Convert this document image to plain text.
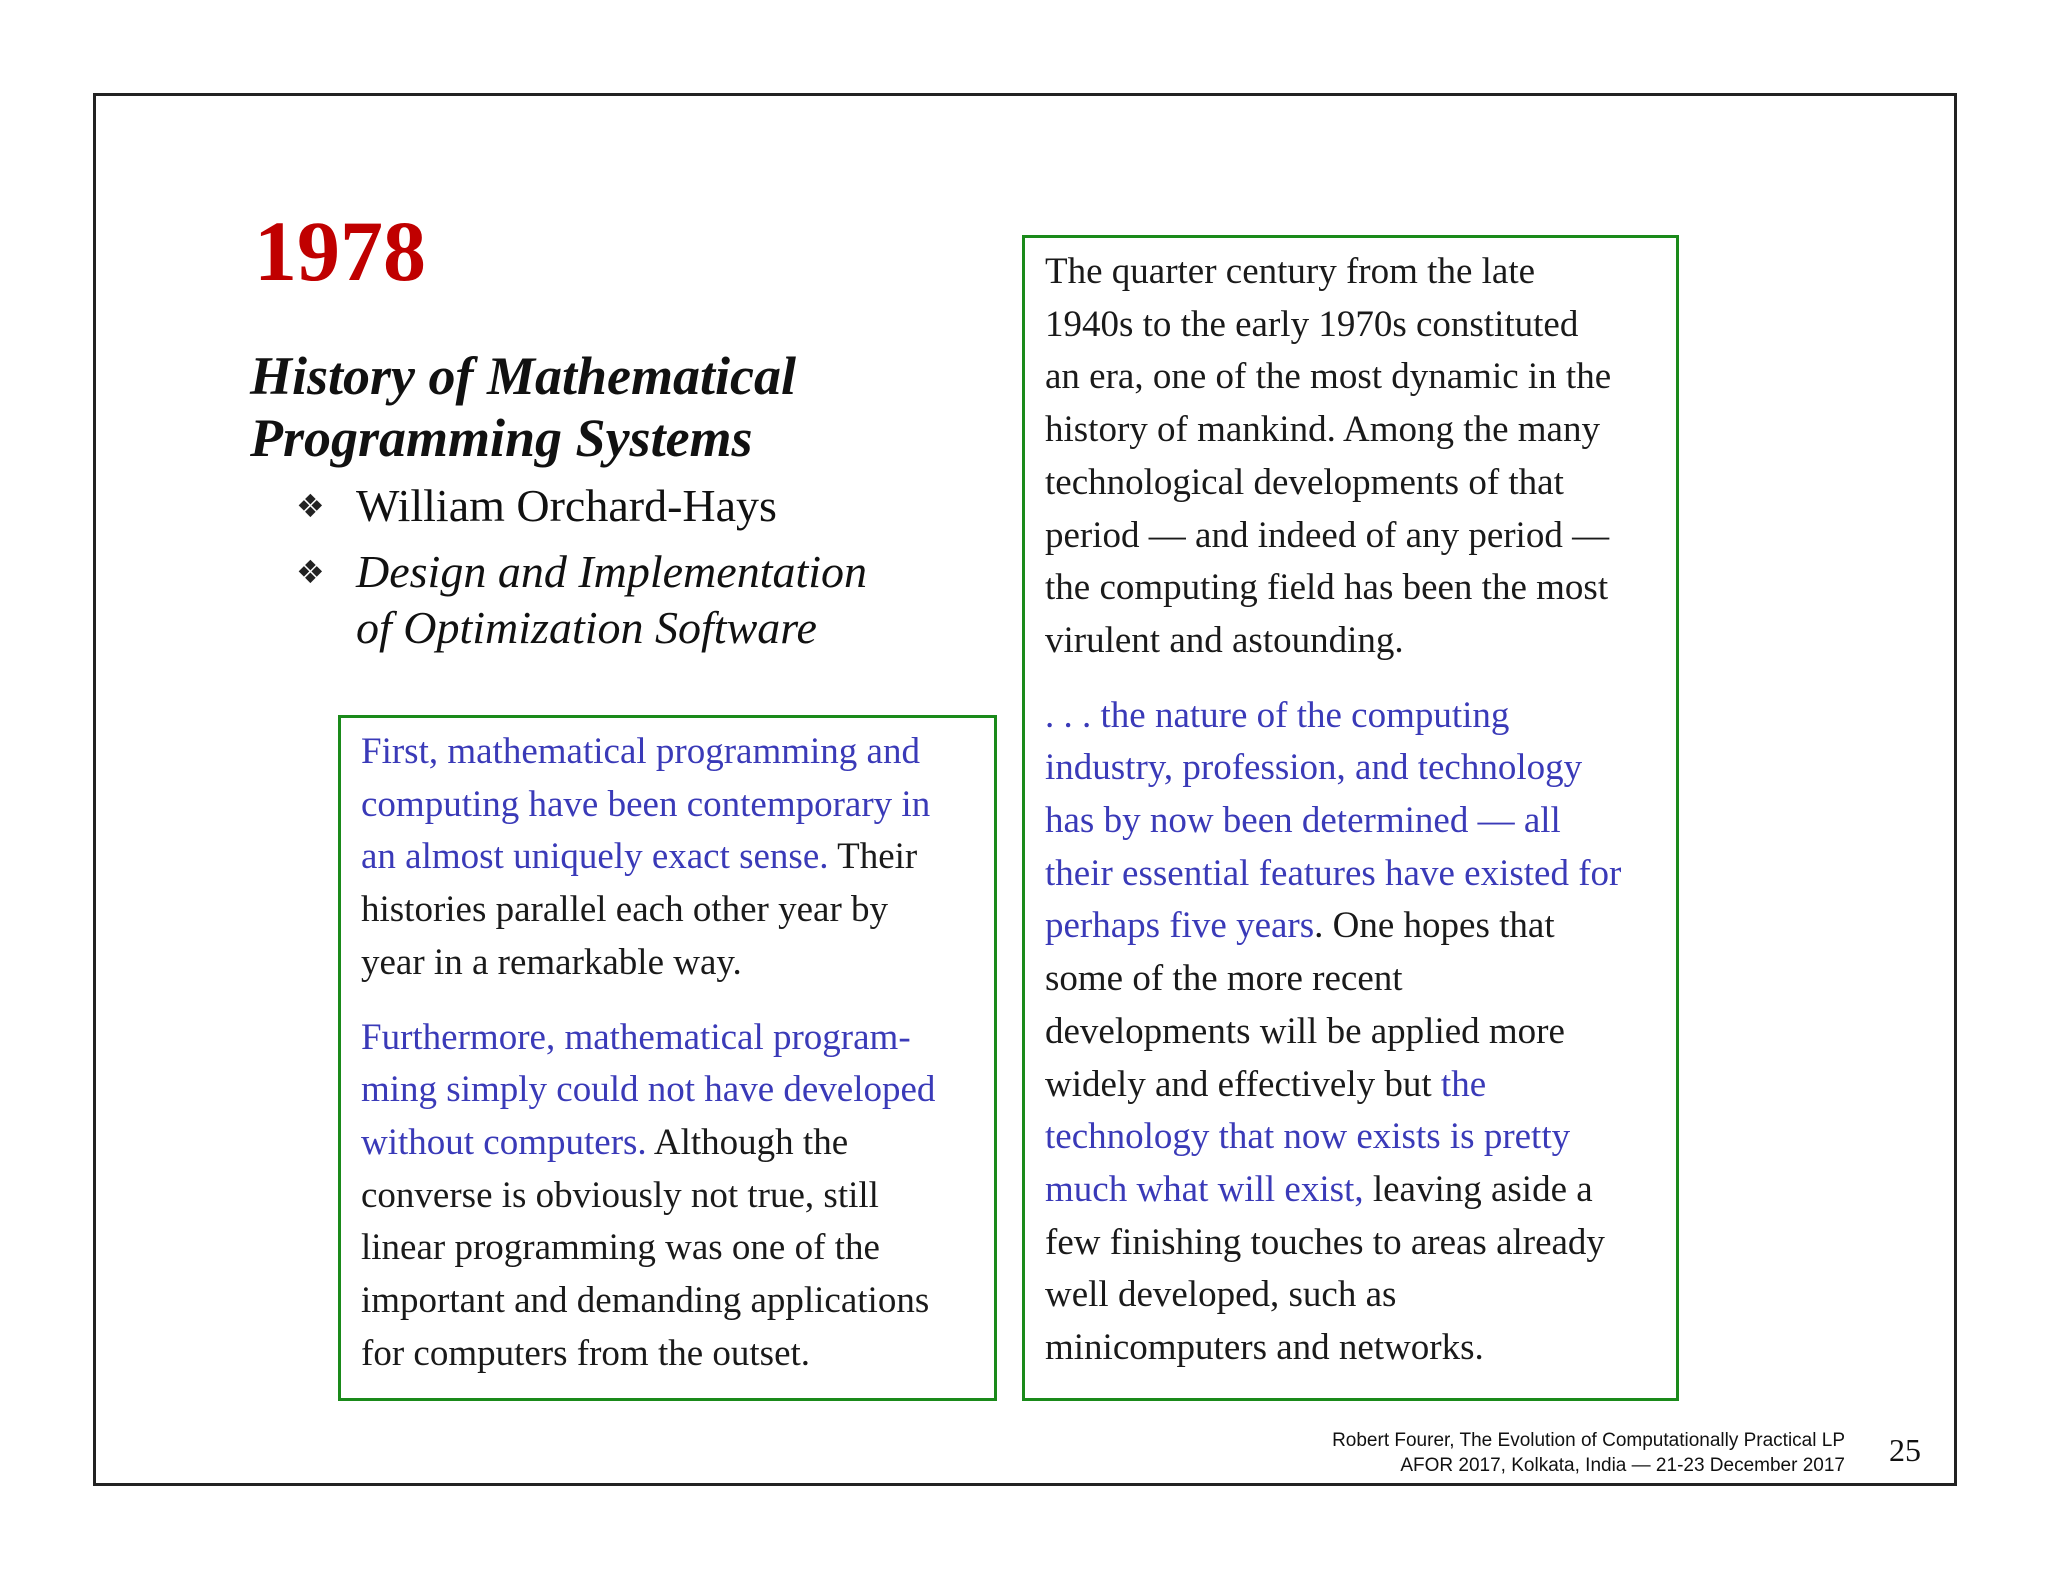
1978
History of Mathematical
Programming Systems
❖ William Orchard-Hays
❖ Design and Implementation
of Optimization Software

First, mathematical programming and
computing have been contemporary in
an almost uniquely exact sense. Their
histories parallel each other year by
year in a remarkable way.

Furthermore, mathematical program-
ming simply could not have developed
without computers. Although the
converse is obviously not true, still
linear programming was one of the
important and demanding applications
for computers from the outset.

The quarter century from the late
1940s to the early 1970s constituted
an era, one of the most dynamic in the
history of mankind. Among the many
technological developments of that
period — and indeed of any period —
the computing field has been the most
virulent and astounding.

. . . the nature of the computing
industry, profession, and technology
has by now been determined — all
their essential features have existed for
perhaps five years. One hopes that
some of the more recent
developments will be applied more
widely and effectively but the
technology that now exists is pretty
much what will exist, leaving aside a
few finishing touches to areas already
well developed, such as
minicomputers and networks.

Robert Fourer, The Evolution of Computationally Practical LP
AFOR 2017, Kolkata, India — 21-23 December 2017 25
